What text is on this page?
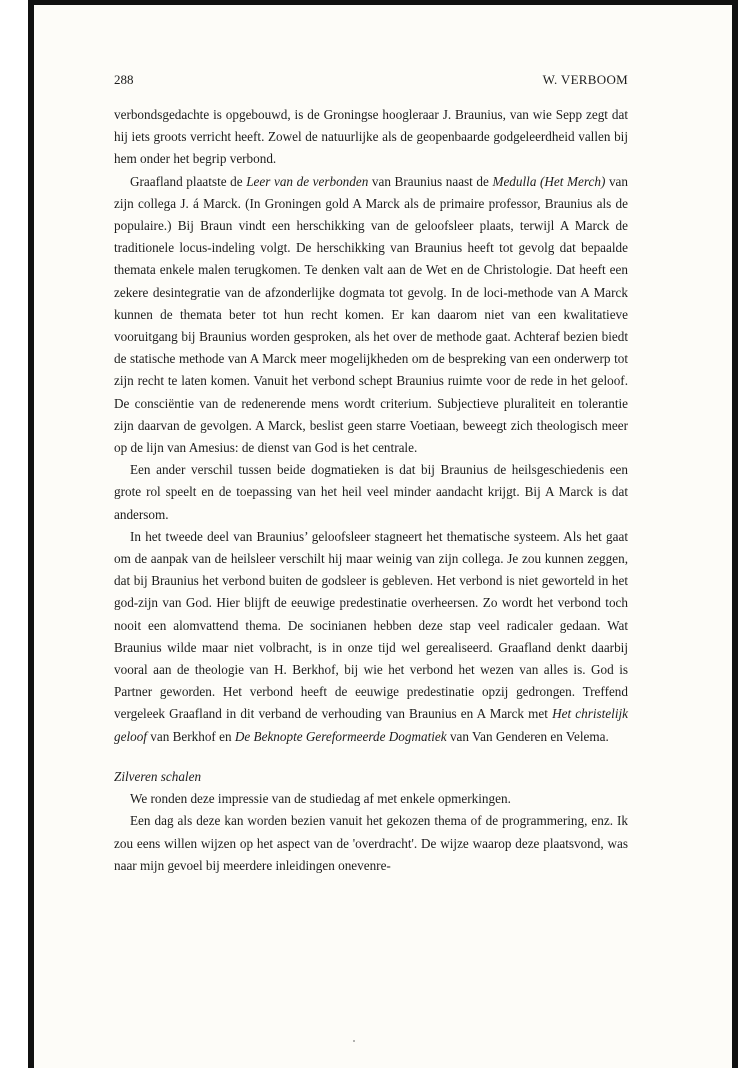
288	W. VERBOOM

verbondsgedachte is opgebouwd, is de Groningse hoogleraar J. Braunius, van wie Sepp zegt dat hij iets groots verricht heeft. Zowel de natuurlijke als de geopenbaarde godgeleerdheid vallen bij hem onder het begrip verbond.

Graafland plaatste de Leer van de verbonden van Braunius naast de Medulla (Het Merch) van zijn collega J. á Marck. (In Groningen gold A Marck als de primaire professor, Braunius als de populaire.) Bij Braun vindt een herschikking van de geloofsleer plaats, terwijl A Marck de traditionele locus-indeling volgt. De herschikking van Braunius heeft tot gevolg dat bepaalde themata enkele malen terugkomen. Te denken valt aan de Wet en de Christologie. Dat heeft een zekere desintegratie van de afzonderlijke dogmata tot gevolg. In de loci-methode van A Marck kunnen de themata beter tot hun recht komen. Er kan daarom niet van een kwalitatieve vooruitgang bij Braunius worden gesproken, als het over de methode gaat. Achteraf bezien biedt de statische methode van A Marck meer mogelijkheden om de bespreking van een onderwerp tot zijn recht te laten komen. Vanuit het verbond schept Braunius ruimte voor de rede in het geloof. De consciëntie van de redenerende mens wordt criterium. Subjectieve pluraliteit en tolerantie zijn daarvan de gevolgen. A Marck, beslist geen starre Voetiaan, beweegt zich theologisch meer op de lijn van Amesius: de dienst van God is het centrale.

Een ander verschil tussen beide dogmatieken is dat bij Braunius de heilsgeschiedenis een grote rol speelt en de toepassing van het heil veel minder aandacht krijgt. Bij A Marck is dat andersom.

In het tweede deel van Braunius’ geloofsleer stagneert het thematische systeem. Als het gaat om de aanpak van de heilsleer verschilt hij maar weinig van zijn collega. Je zou kunnen zeggen, dat bij Braunius het verbond buiten de godsleer is gebleven. Het verbond is niet geworteld in het god-zijn van God. Hier blijft de eeuwige predestinatie overheersen. Zo wordt het verbond toch nooit een alomvattend thema. De socinianen hebben deze stap veel radicaler gedaan. Wat Braunius wilde maar niet volbracht, is in onze tijd wel gerealiseerd. Graafland denkt daarbij vooral aan de theologie van H. Berkhof, bij wie het verbond het wezen van alles is. God is Partner geworden. Het verbond heeft de eeuwige predestinatie opzij gedrongen. Treffend vergeleek Graafland in dit verband de verhouding van Braunius en A Marck met Het christelijk geloof van Berkhof en De Beknopte Gereformeerde Dogmatiek van Van Genderen en Velema.

Zilveren schalen

We ronden deze impressie van de studiedag af met enkele opmerkingen.

Een dag als deze kan worden bezien vanuit het gekozen thema of de programmering, enz. Ik zou eens willen wijzen op het aspect van de 'overdracht'. De wijze waarop deze plaatsvond, was naar mijn gevoel bij meerdere inleidingen onevenre-
